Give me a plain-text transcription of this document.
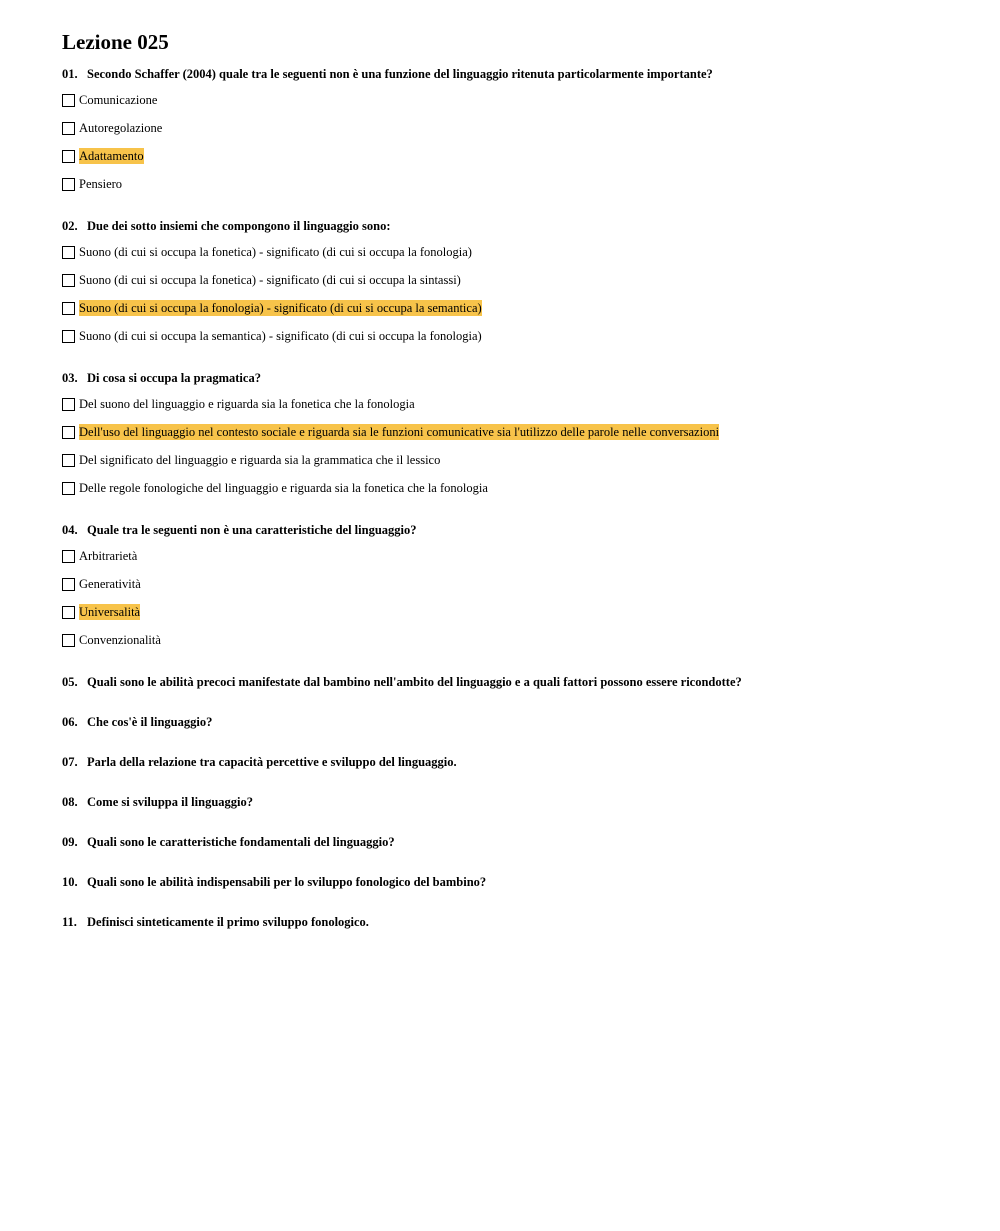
Lezione 025
01. Secondo Schaffer (2004) quale tra le seguenti non è una funzione del linguaggio ritenuta particolarmente importante?
Comunicazione
Autoregolazione
Adattamento
Pensiero
02. Due dei sotto insiemi che compongono il linguaggio sono:
Suono (di cui si occupa la fonetica) - significato (di cui si occupa la fonologia)
Suono (di cui si occupa la fonetica) - significato (di cui si occupa la sintassi)
Suono (di cui si occupa la fonologia) - significato (di cui si occupa la semantica)
Suono (di cui si occupa la semantica) - significato (di cui si occupa la fonologia)
03. Di cosa si occupa la pragmatica?
Del suono del linguaggio e riguarda sia la fonetica che la fonologia
Dell'uso del linguaggio nel contesto sociale e riguarda sia le funzioni comunicative sia l'utilizzo delle parole nelle conversazioni
Del significato del linguaggio e riguarda sia la grammatica che il lessico
Delle regole fonologiche del linguaggio e riguarda sia la fonetica che la fonologia
04. Quale tra le seguenti non è una caratteristiche del linguaggio?
Arbitrarietà
Generatività
Universalità
Convenzionalità
05. Quali sono le abilità precoci manifestate dal bambino nell'ambito del linguaggio e a quali fattori possono essere ricondotte?
06. Che cos'è il linguaggio?
07. Parla della relazione tra capacità percettive e sviluppo del linguaggio.
08. Come si sviluppa il linguaggio?
09. Quali sono le caratteristiche fondamentali del linguaggio?
10. Quali sono le abilità indispensabili per lo sviluppo fonologico del bambino?
11. Definisci sinteticamente il primo sviluppo fonologico.
